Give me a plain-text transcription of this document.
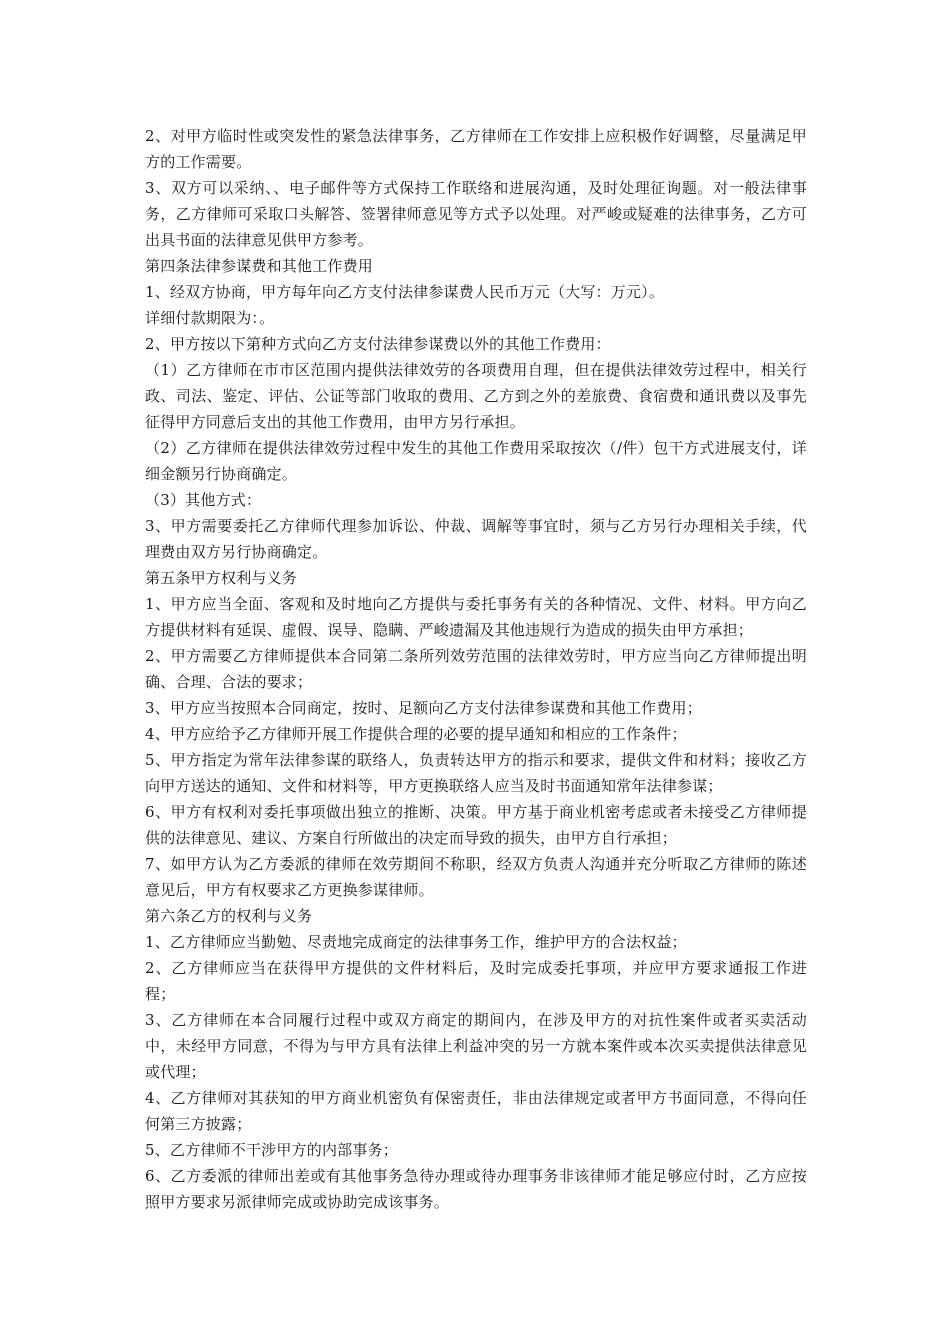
2、对甲方临时性或突发性的紧急法律事务，乙方律师在工作安排上应积极作好调整，尽量满足甲方的工作需要。

3、双方可以采纳、、电子邮件等方式保持工作联络和进展沟通，及时处理征询题。对一般法律事务，乙方律师可采取口头解答、签署律师意见等方式予以处理。对严峻或疑难的法律事务，乙方可出具书面的法律意见供甲方参考。

第四条法律参谋费和其他工作费用

1、经双方协商，甲方每年向乙方支付法律参谋费人民币万元（大写：万元）。

详细付款期限为：。

2、甲方按以下第种方式向乙方支付法律参谋费以外的其他工作费用：

（1）乙方律师在市市区范围内提供法律效劳的各项费用自理，但在提供法律效劳过程中，相关行政、司法、鉴定、评估、公证等部门收取的费用、乙方到之外的差旅费、食宿费和通讯费以及事先征得甲方同意后支出的其他工作费用，由甲方另行承担。

（2）乙方律师在提供法律效劳过程中发生的其他工作费用采取按次（/件）包干方式进展支付，详细金额另行协商确定。

（3）其他方式：

3、甲方需要委托乙方律师代理参加诉讼、仲裁、调解等事宜时，须与乙方另行办理相关手续，代理费由双方另行协商确定。

第五条甲方权利与义务

1、甲方应当全面、客观和及时地向乙方提供与委托事务有关的各种情况、文件、材料。甲方向乙方提供材料有延误、虚假、误导、隐瞒、严峻遗漏及其他违规行为造成的损失由甲方承担；

2、甲方需要乙方律师提供本合同第二条所列效劳范围的法律效劳时，甲方应当向乙方律师提出明确、合理、合法的要求；

3、甲方应当按照本合同商定，按时、足额向乙方支付法律参谋费和其他工作费用；

4、甲方应给予乙方律师开展工作提供合理的必要的提早通知和相应的工作条件；

5、甲方指定为常年法律参谋的联络人，负责转达甲方的指示和要求，提供文件和材料；接收乙方向甲方送达的通知、文件和材料等，甲方更换联络人应当及时书面通知常年法律参谋；

6、甲方有权利对委托事项做出独立的推断、决策。甲方基于商业机密考虑或者未接受乙方律师提供的法律意见、建议、方案自行所做出的决定而导致的损失，由甲方自行承担；

7、如甲方认为乙方委派的律师在效劳期间不称职，经双方负责人沟通并充分听取乙方律师的陈述意见后，甲方有权要求乙方更换参谋律师。

第六条乙方的权利与义务

1、乙方律师应当勤勉、尽责地完成商定的法律事务工作，维护甲方的合法权益；

2、乙方律师应当在获得甲方提供的文件材料后，及时完成委托事项，并应甲方要求通报工作进程；

3、乙方律师在本合同履行过程中或双方商定的期间内，在涉及甲方的对抗性案件或者买卖活动中，未经甲方同意，不得为与甲方具有法律上利益冲突的另一方就本案件或本次买卖提供法律意见或代理；

4、乙方律师对其获知的甲方商业机密负有保密责任，非由法律规定或者甲方书面同意，不得向任何第三方披露；

5、乙方律师不干涉甲方的内部事务；

6、乙方委派的律师出差或有其他事务急待办理或待办理事务非该律师才能足够应付时，乙方应按照甲方要求另派律师完成或协助完成该事务。
